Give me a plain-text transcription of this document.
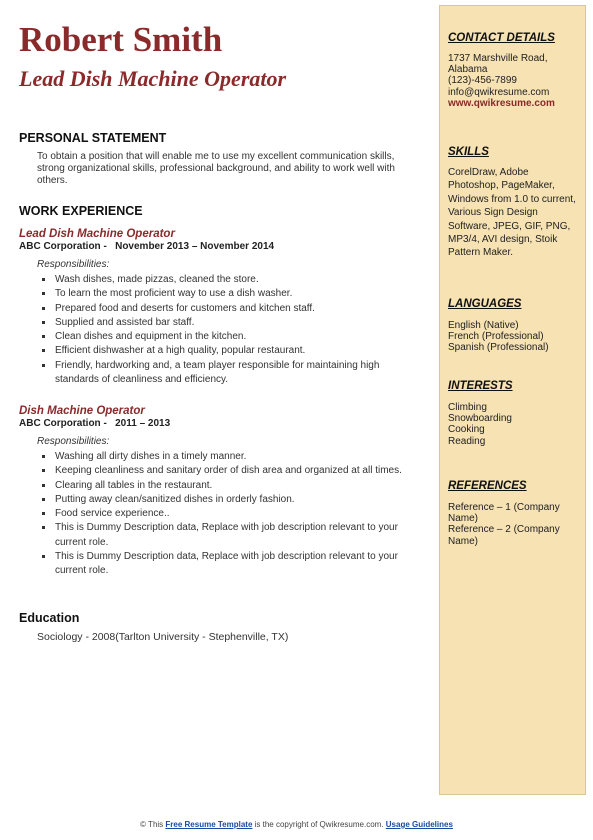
Robert Smith
Lead Dish Machine Operator
PERSONAL STATEMENT
To obtain a position that will enable me to use my excellent communication skills, strong organizational skills, professional background, and ability to work well with others.
WORK EXPERIENCE
Lead Dish Machine Operator
ABC Corporation -   November 2013 – November 2014
Responsibilities:
Wash dishes, made pizzas, cleaned the store.
To learn the most proficient way to use a dish washer.
Prepared food and deserts for customers and kitchen staff.
Supplied and assisted bar staff.
Clean dishes and equipment in the kitchen.
Efficient dishwasher at a high quality, popular restaurant.
Friendly, hardworking and, a team player responsible for maintaining high standards of cleanliness and efficiency.
Dish Machine Operator
ABC Corporation -   2011 – 2013
Responsibilities:
Washing all dirty dishes in a timely manner.
Keeping cleanliness and sanitary order of dish area and organized at all times.
Clearing all tables in the restaurant.
Putting away clean/sanitized dishes in orderly fashion.
Food service experience..
This is Dummy Description data, Replace with job description relevant to your current role.
This is Dummy Description data, Replace with job description relevant to your current role.
Education
Sociology - 2008(Tarlton University - Stephenville, TX)
CONTACT DETAILS
1737 Marshville Road,
Alabama
(123)-456-7899
info@qwikresume.com
www.qwikresume.com
SKILLS
CorelDraw, Adobe Photoshop, PageMaker, Windows from 1.0 to current, Various Sign Design Software, JPEG, GIF, PNG, MP3/4, AVI design, Stoik Pattern Maker.
LANGUAGES
English (Native)
French (Professional)
Spanish (Professional)
INTERESTS
Climbing
Snowboarding
Cooking
Reading
REFERENCES
Reference – 1 (Company Name)
Reference – 2 (Company Name)
© This Free Resume Template is the copyright of Qwikresume.com. Usage Guidelines
